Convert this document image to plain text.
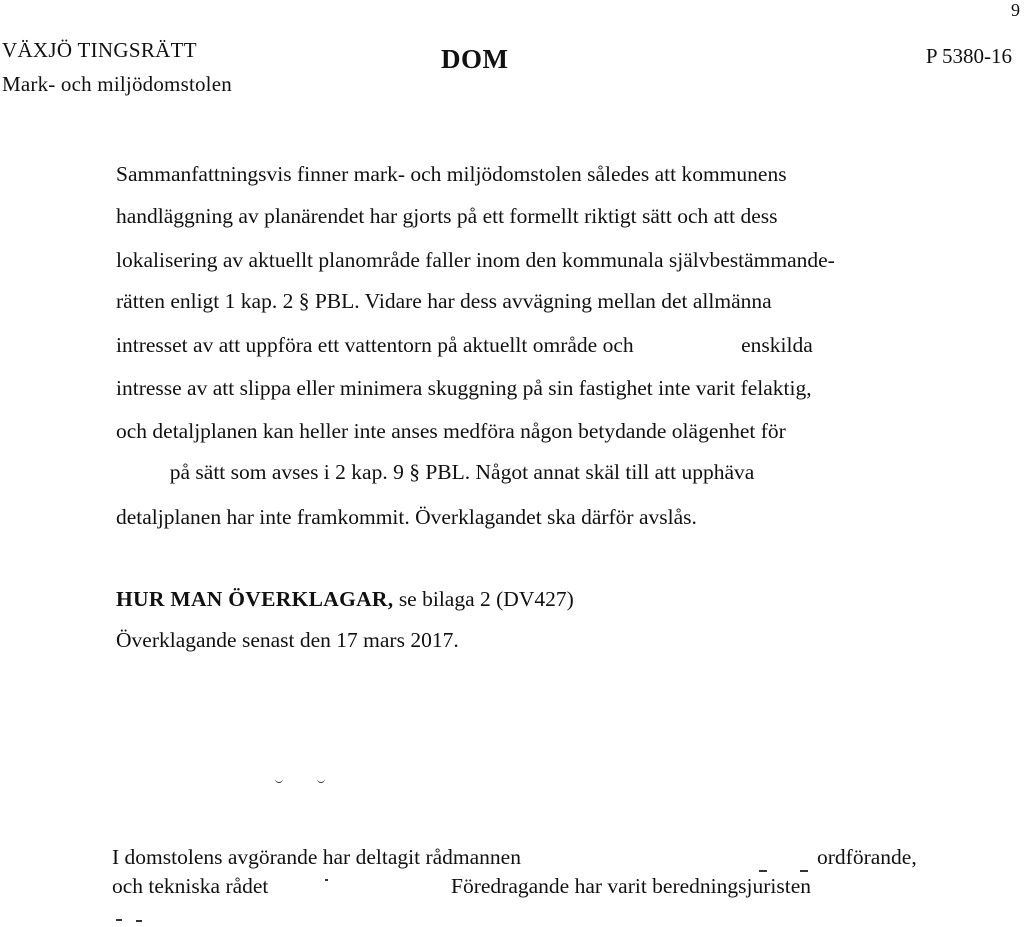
9
VÄXJÖ TINGSRÄTT
Mark- och miljödomstolen
DOM	P 5380-16
Sammanfattningsvis finner mark- och miljödomstolen således att kommunens
handläggning av planärendet har gjorts på ett formellt riktigt sätt och att dess
lokalisering av aktuellt planområde faller inom den kommunala självbestämmande-
rätten enligt 1 kap. 2 § PBL. Vidare har dess avvägning mellan det allmänna
intresset av att uppföra ett vattentorn på aktuellt område och                    enskilda
intresse av att slippa eller minimera skuggning på sin fastighet inte varit felaktig,
och detaljplanen kan heller inte anses medföra någon betydande olägenhet för
på sätt som avses i 2 kap. 9 § PBL. Något annat skäl till att upphäva
detaljplanen har inte framkommit. Överklagandet ska därför avslås.
HUR MAN ÖVERKLAGAR, se bilaga 2 (DV427)
Överklagande senast den 17 mars 2017.
I domstolens avgörande har deltagit rådmannen	ordförande,
och tekniska rådet	Föredragande har varit beredningsjuristen
